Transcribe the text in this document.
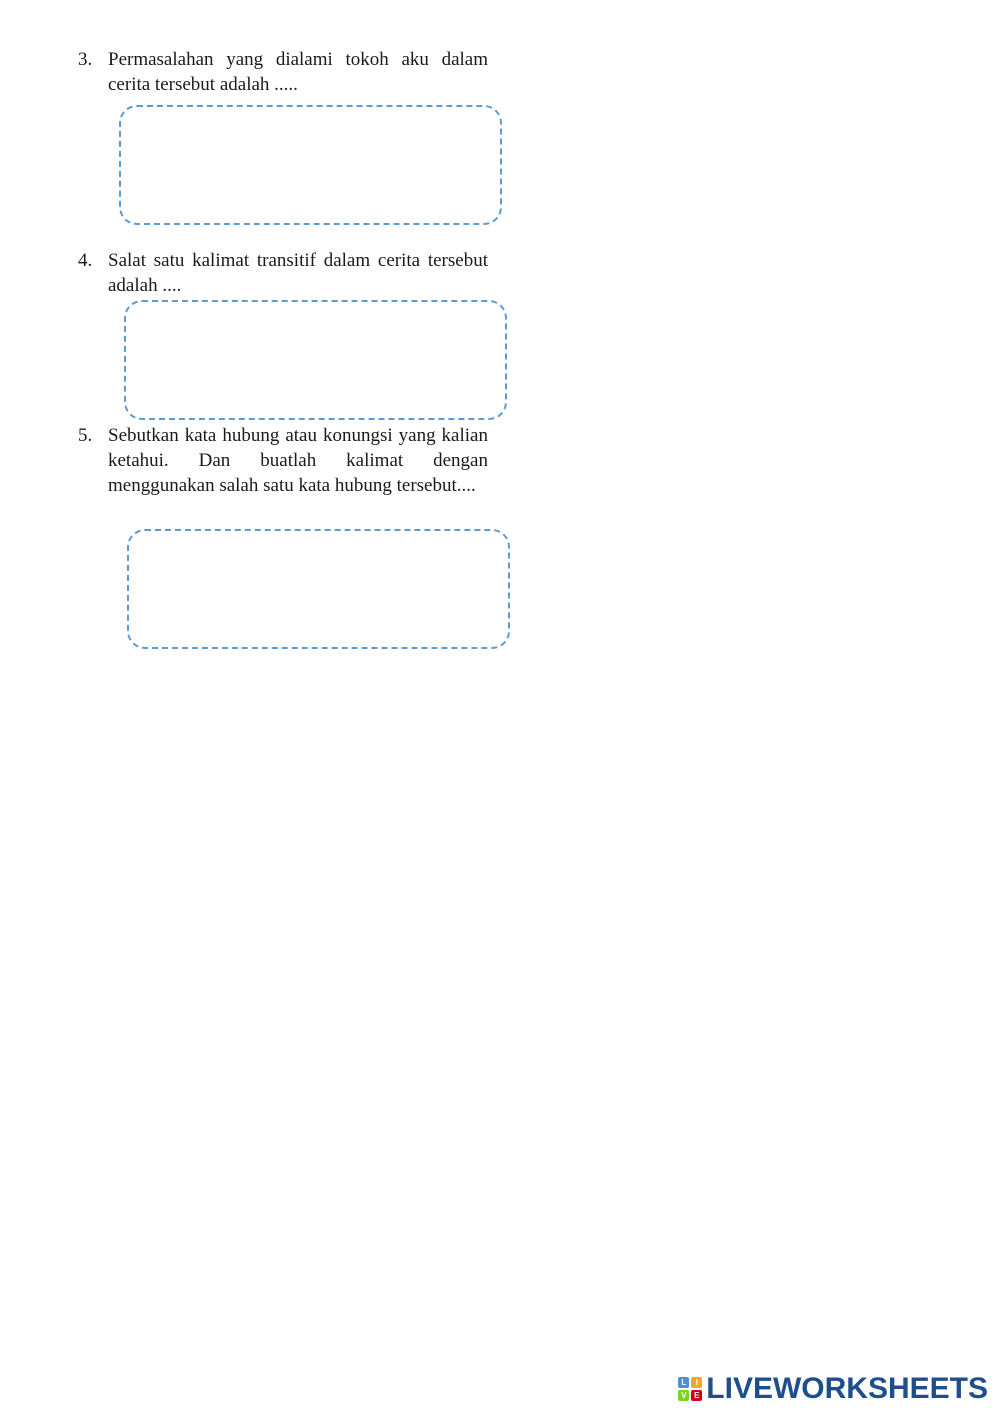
3. Permasalahan yang dialami tokoh aku dalam cerita tersebut adalah .....
4. Salat satu kalimat transitif dalam cerita tersebut adalah ....
5. Sebutkan kata hubung atau konungsi yang kalian ketahui. Dan buatlah kalimat dengan menggunakan salah satu kata hubung tersebut....
L	I
V E LIVEWORKSHEETS
